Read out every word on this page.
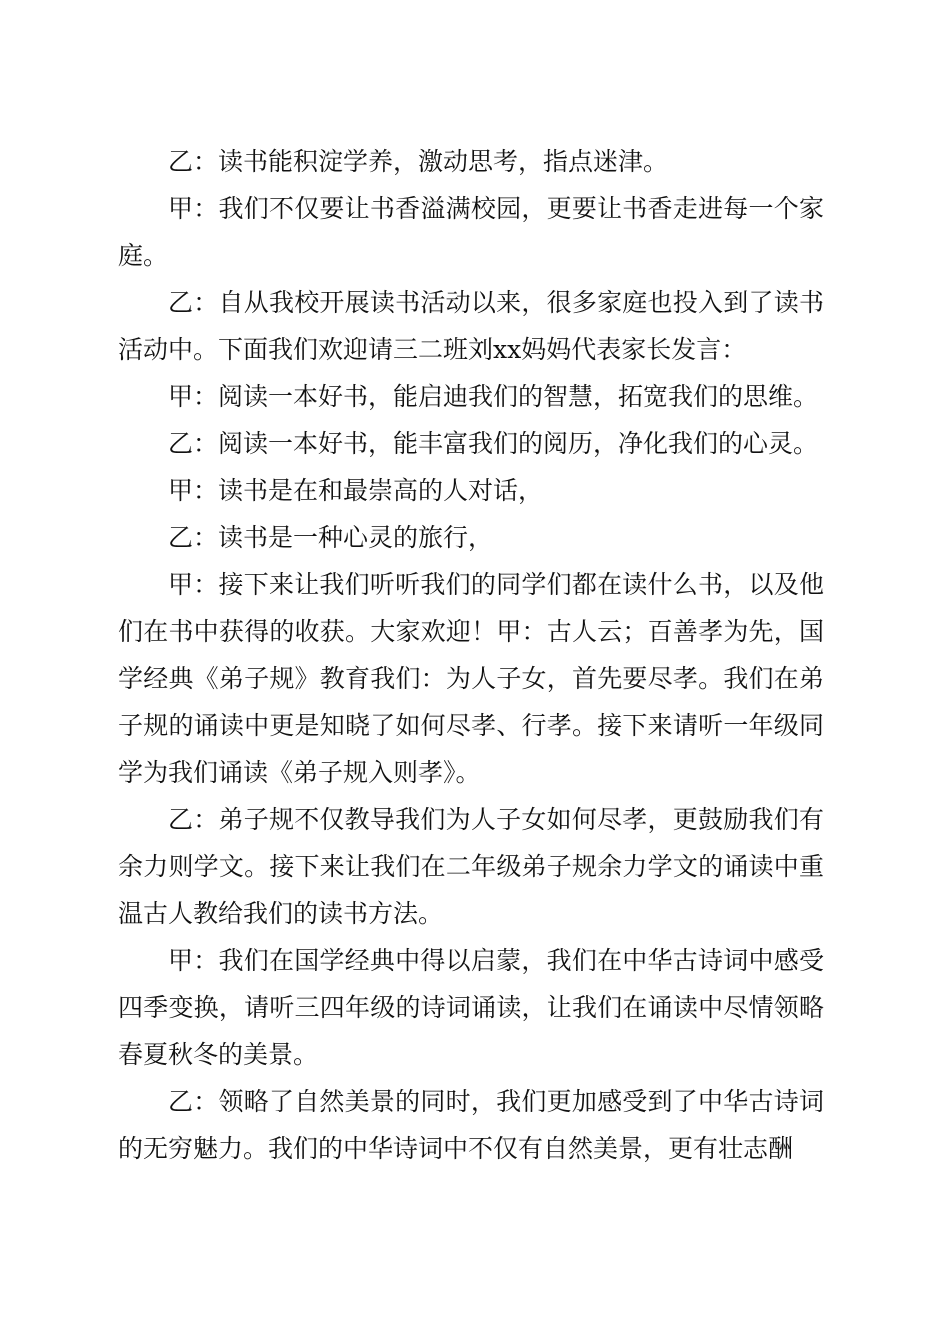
乙：读书能积淀学养，激动思考，指点迷津。

甲：我们不仅要让书香溢满校园，更要让书香走进每一个家庭。

乙：自从我校开展读书活动以来，很多家庭也投入到了读书活动中。下面我们欢迎请三二班刘xx妈妈代表家长发言：

甲：阅读一本好书，能启迪我们的智慧，拓宽我们的思维。

乙：阅读一本好书，能丰富我们的阅历，净化我们的心灵。

甲：读书是在和最崇高的人对话，

乙：读书是一种心灵的旅行，

甲：接下来让我们听听我们的同学们都在读什么书，以及他们在书中获得的收获。大家欢迎！甲：古人云；百善孝为先，国学经典《弟子规》教育我们：为人子女，首先要尽孝。我们在弟子规的诵读中更是知晓了如何尽孝、行孝。接下来请听一年级同学为我们诵读《弟子规入则孝》。

乙：弟子规不仅教导我们为人子女如何尽孝，更鼓励我们有余力则学文。接下来让我们在二年级弟子规余力学文的诵读中重温古人教给我们的读书方法。

甲：我们在国学经典中得以启蒙，我们在中华古诗词中感受四季变换，请听三四年级的诗词诵读，让我们在诵读中尽情领略春夏秋冬的美景。

乙：领略了自然美景的同时，我们更加感受到了中华古诗词的无穷魅力。我们的中华诗词中不仅有自然美景，更有壮志酬
